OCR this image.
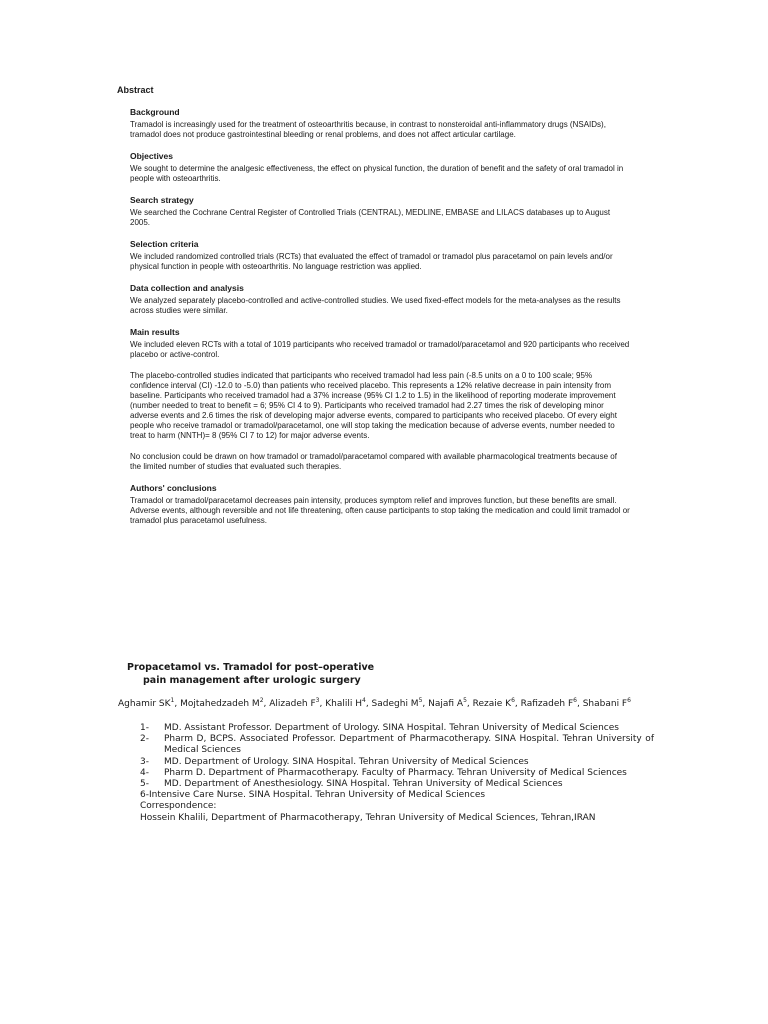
Abstract
Background

Tramadol is increasingly used for the treatment of osteoarthritis because, in contrast to nonsteroidal anti-inflammatory drugs (NSAIDs), tramadol does not produce gastrointestinal bleeding or renal problems, and does not affect articular cartilage.

Objectives

We sought to determine the analgesic effectiveness, the effect on physical function, the duration of benefit and the safety of oral tramadol in people with osteoarthritis.

Search strategy

We searched the Cochrane Central Register of Controlled Trials (CENTRAL), MEDLINE, EMBASE and LILACS databases up to August 2005.

Selection criteria

We included randomized controlled trials (RCTs) that evaluated the effect of tramadol or tramadol plus paracetamol on pain levels and/or physical function in people with osteoarthritis. No language restriction was applied.

Data collection and analysis

We analyzed separately placebo-controlled and active-controlled studies. We used fixed-effect models for the meta-analyses as the results across studies were similar.

Main results

We included eleven RCTs with a total of 1019 participants who received tramadol or tramadol/paracetamol and 920 participants who received placebo or active-control.

The placebo-controlled studies indicated that participants who received tramadol had less pain (-8.5 units on a 0 to 100 scale; 95% confidence interval (CI) -12.0 to -5.0) than patients who received placebo. This represents a 12% relative decrease in pain intensity from baseline. Participants who received tramadol had a 37% increase (95% CI 1.2 to 1.5) in the likelihood of reporting moderate improvement (number needed to treat to benefit = 6; 95% CI 4 to 9). Participants who received tramadol had 2.27 times the risk of developing minor adverse events and 2.6 times the risk of developing major adverse events, compared to participants who received placebo. Of every eight people who receive tramadol or tramadol/paracetamol, one will stop taking the medication because of adverse events, number needed to treat to harm (NNTH)= 8 (95% CI 7 to 12) for major adverse events.

No conclusion could be drawn on how tramadol or tramadol/paracetamol compared with available pharmacological treatments because of the limited number of studies that evaluated such therapies.

Authors' conclusions

Tramadol or tramadol/paracetamol decreases pain intensity, produces symptom relief and improves function, but these benefits are small. Adverse events, although reversible and not life threatening, often cause participants to stop taking the medication and could limit tramadol or tramadol plus paracetamol usefulness.

Propacetamol vs. Tramadol for post–operative
pain management after urologic surgery
Aghamir $SK^1$, Mojtahedzadeh $M^2$, Alizadeh $F^3$, Khalili $H^4$, Sadeghi $M^5$, Najafi $A^5$, Rezaie $K^6$, Rafizadeh $F^6$, Shabani $F^6$
1-	MD. Assistant Professor. Department of Urology. SINA Hospital. Tehran University of Medical Sciences
2-	Pharm D, BCPS. Associated Professor. Department of Pharmacotherapy. SINA Hospital. Tehran University of Medical Sciences
3-	MD. Department of Urology. SINA Hospital. Tehran University of Medical Sciences
4-	Pharm D. Department of Pharmacotherapy. Faculty of Pharmacy. Tehran University of Medical Sciences
5-	MD. Department of Anesthesiology. SINA Hospital. Tehran University of Medical Sciences
6-Intensive Care Nurse. SINA Hospital. Tehran University of Medical Sciences
Correspondence:
Hossein Khalili, Department of Pharmacotherapy, Tehran University of Medical Sciences, Tehran,IRAN
